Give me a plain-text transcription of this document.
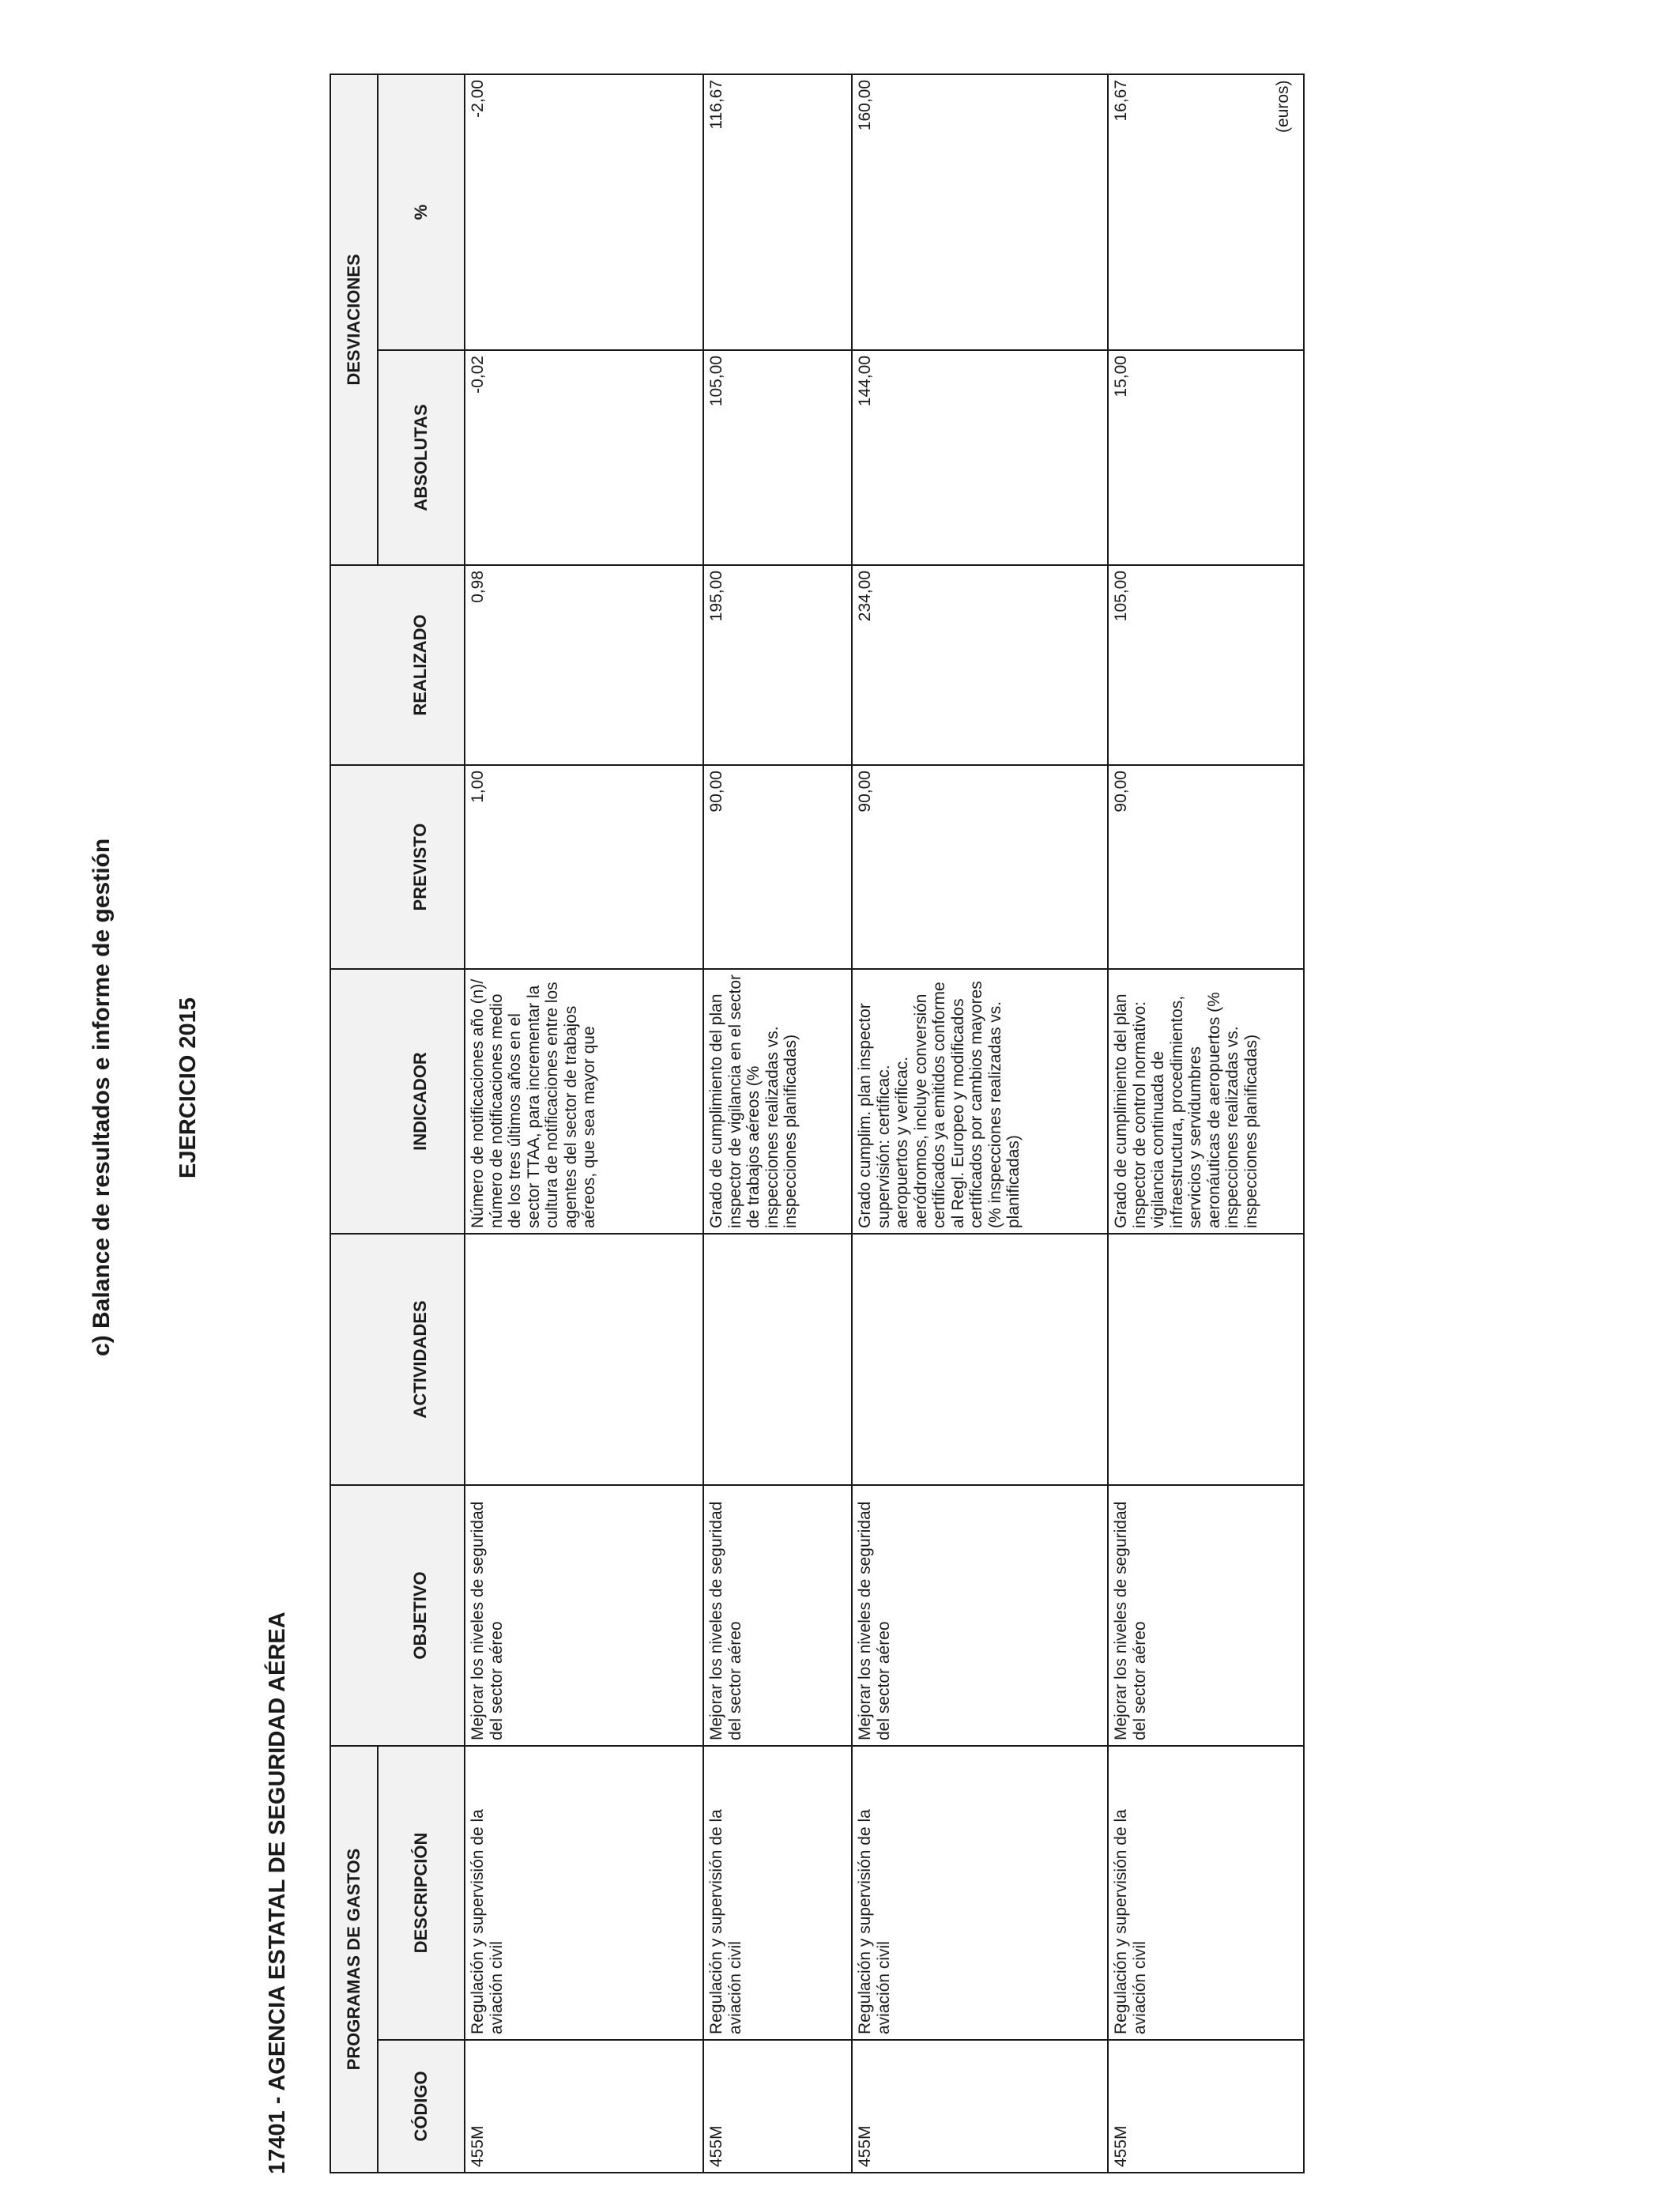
c) Balance de resultados e informe de gestión	EJERCICIO 2015
17401 - AGENCIA ESTATAL DE SEGURIDAD AÉREA
(euros)
PROGRAMAS DE GASTOS							DESVIACIONES	
CÓDIGO	DESCRIPCIÓN	OBJETIVO	ACTIVIDADES	INDICADOR	PREVISTO	REALIZADO	ABSOLUTAS	%
455M	Regulación y supervisión de la aviación civil	Mejorar los niveles de seguridad del sector aéreo		Número de notificaciones año (n)/ número de notificaciones medio de los tres últimos años en el sector TTAA, para incrementar la cultura de notificaciones entre los agentes del sector de trabajos aéreos, que sea mayor que	1,00	0,98	-0,02	-2,00
455M	Regulación y supervisión de la aviación civil	Mejorar los niveles de seguridad del sector aéreo		Grado de cumplimiento del plan inspector de vigilancia en el sector de trabajos aéreos (% inspecciones realizadas vs. inspecciones planificadas)	90,00	195,00	105,00	116,67
455M	Regulación y supervisión de la aviación civil	Mejorar los niveles de seguridad del sector aéreo		Grado cumplim. plan inspector supervisión: certificac. aeropuertos y verificac. aeródromos, incluye conversión certificados ya emitidos conforme al Regl. Europeo y modificados certificados por cambios mayores (% inspecciones realizadas vs. planificadas)	90,00	234,00	144,00	160,00
455M	Regulación y supervisión de la aviación civil	Mejorar los niveles de seguridad del sector aéreo		Grado de cumplimiento del plan inspector de control normativo: vigilancia continuada de infraestructura, procedimientos, servicios y servidumbres aeronáuticas de aeropuertos (% inspecciones realizadas vs. inspecciones planificadas)	90,00	105,00	15,00	16,67
